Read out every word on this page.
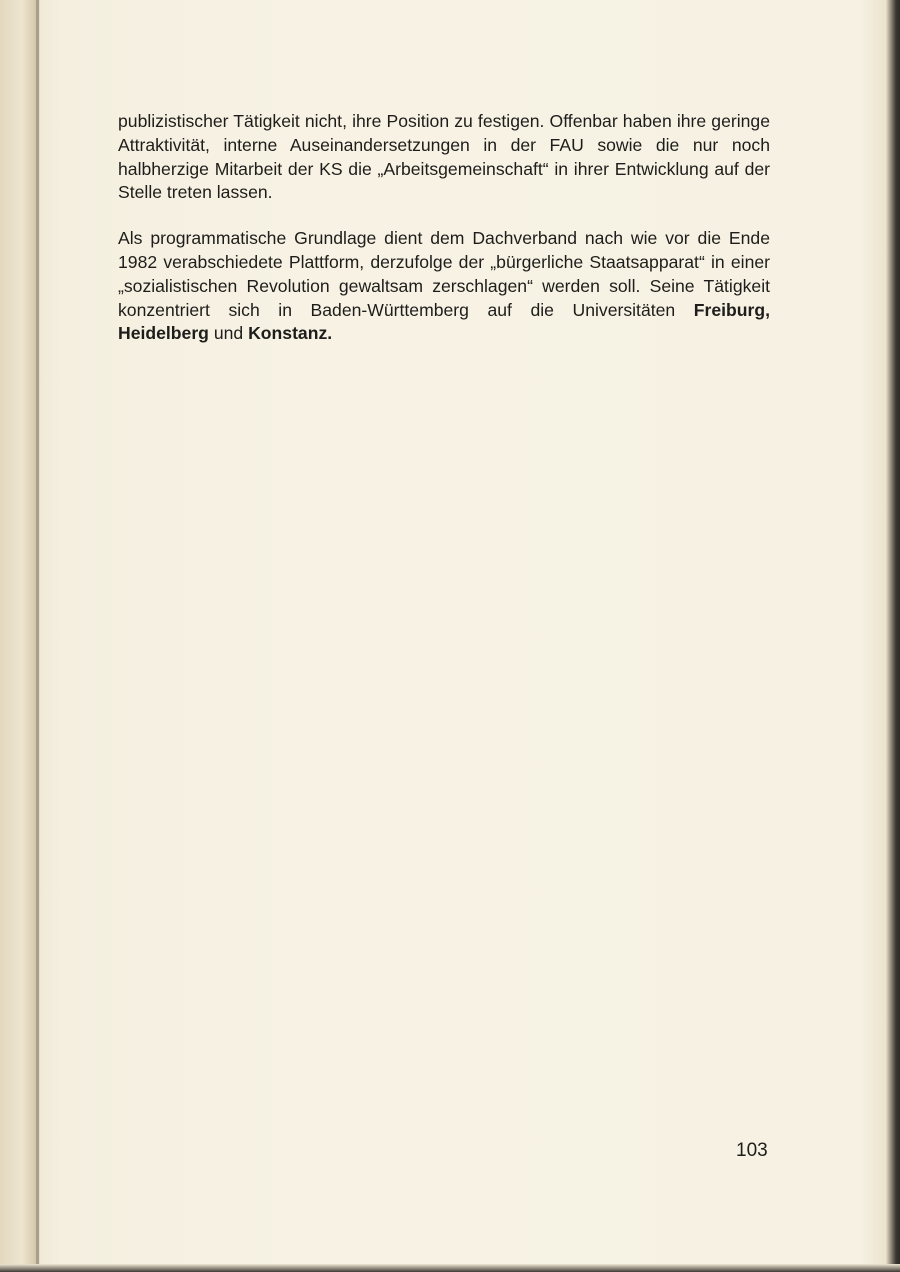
publizistischer Tätigkeit nicht, ihre Position zu festigen. Offenbar haben ihre geringe Attraktivität, interne Auseinandersetzungen in der FAU sowie die nur noch halbherzige Mitarbeit der KS die „Arbeitsgemeinschaft“ in ihrer Entwicklung auf der Stelle treten lassen.

Als programmatische Grundlage dient dem Dachverband nach wie vor die Ende 1982 verabschiedete Plattform, derzufolge der „bürgerliche Staatsapparat“ in einer „sozialistischen Revolution gewaltsam zerschlagen“ werden soll. Seine Tätigkeit konzentriert sich in Baden-Württemberg auf die Universitäten Freiburg, Heidelberg und Konstanz.

103
